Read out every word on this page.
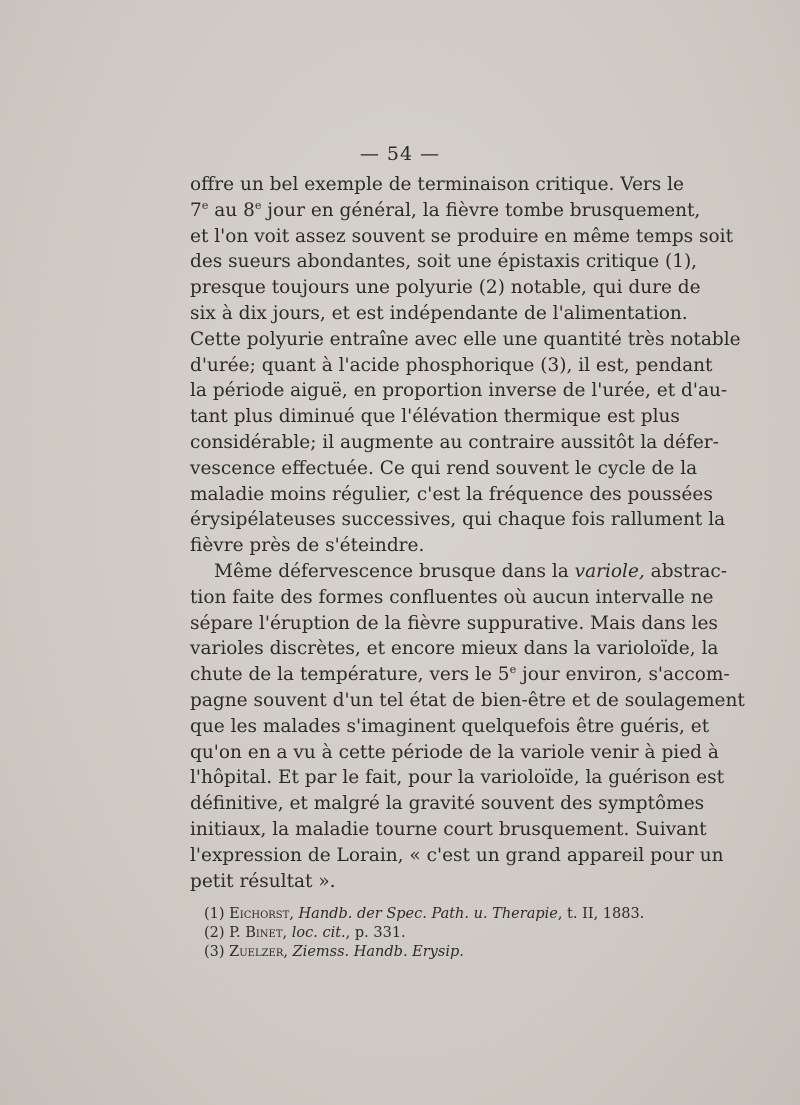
— 54 —
offre un bel exemple de terminaison critique. Vers le
7e au 8e jour en général, la fièvre tombe brusquement,
et l'on voit assez souvent se produire en même temps soit
des sueurs abondantes, soit une épistaxis critique (1),
presque toujours une polyurie (2) notable, qui dure de
six à dix jours, et est indépendante de l'alimentation.
Cette polyurie entraîne avec elle une quantité très notable
d'urée; quant à l'acide phosphorique (3), il est, pendant
la période aiguë, en proportion inverse de l'urée, et d'au-
tant plus diminué que l'élévation thermique est plus
considérable; il augmente au contraire aussitôt la défer-
vescence effectuée. Ce qui rend souvent le cycle de la
maladie moins régulier, c'est la fréquence des poussées
érysipélateuses successives, qui chaque fois rallument la
fièvre près de s'éteindre.
Même défervescence brusque dans la variole, abstrac-
tion faite des formes confluentes où aucun intervalle ne
sépare l'éruption de la fièvre suppurative. Mais dans les
varioles discrètes, et encore mieux dans la varioloïde, la
chute de la température, vers le 5e jour environ, s'accom-
pagne souvent d'un tel état de bien-être et de soulagement
que les malades s'imaginent quelquefois être guéris, et
qu'on en a vu à cette période de la variole venir à pied à
l'hôpital. Et par le fait, pour la varioloïde, la guérison est
définitive, et malgré la gravité souvent des symptômes
initiaux, la maladie tourne court brusquement. Suivant
l'expression de Lorain, « c'est un grand appareil pour un
petit résultat ».
(1) Eichorst, Handb. der Spec. Path. u. Therapie, t. II, 1883.
(2) P. Binet, loc. cit., p. 331.
(3) Zuelzer, Ziemss. Handb. Erysip.
